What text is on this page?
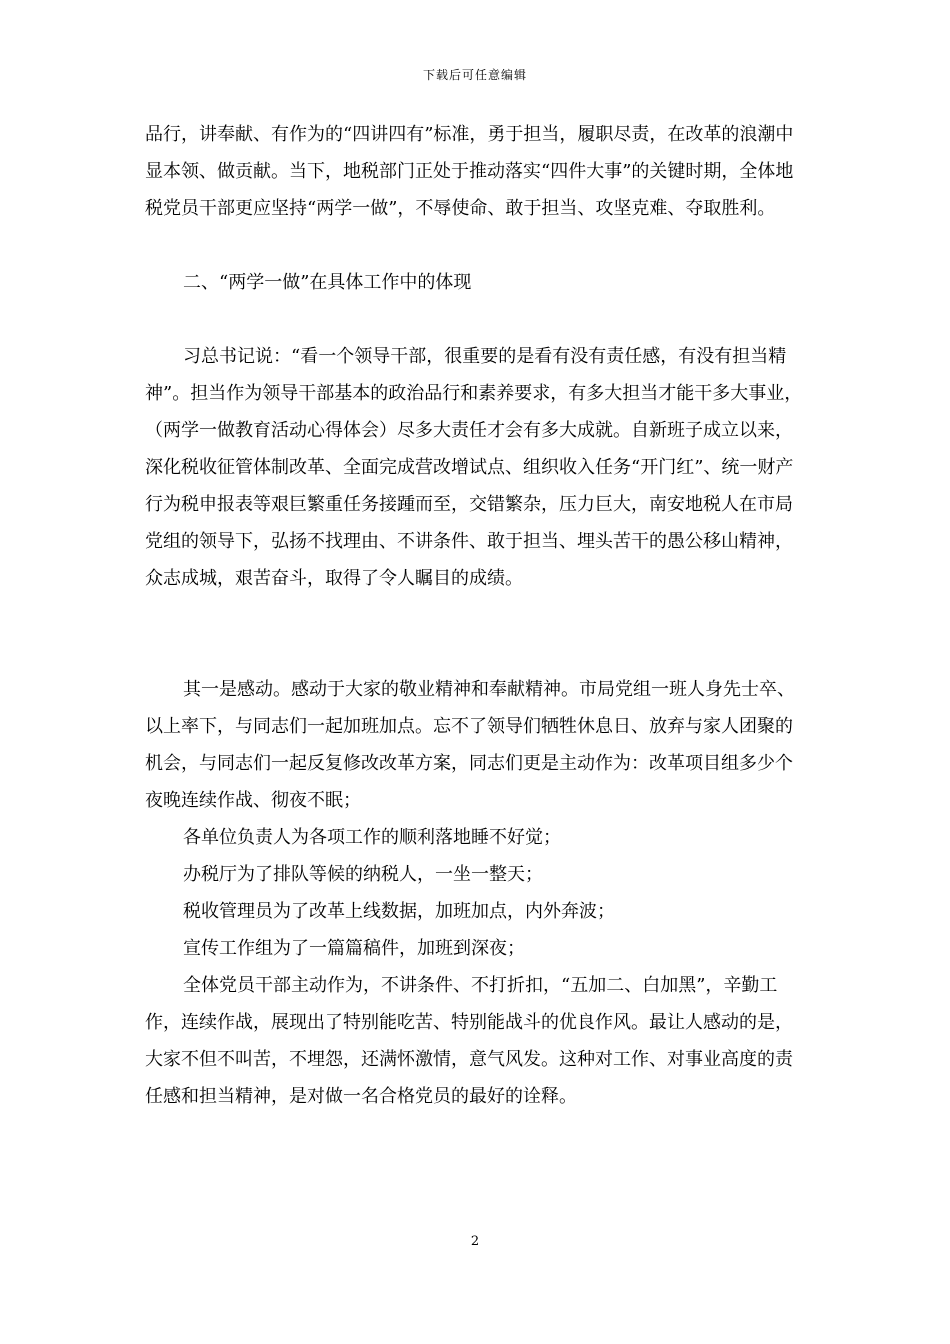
下载后可任意编辑

品行，讲奉献、有作为的“四讲四有”标准，勇于担当，履职尽责，在改革的浪潮中显本领、做贡献。当下，地税部门正处于推动落实“四件大事”的关键时期，全体地税党员干部更应坚持“两学一做”，不辱使命、敢于担当、攻坚克难、夺取胜利。

二、“两学一做”在具体工作中的体现

习总书记说：“看一个领导干部，很重要的是看有没有责任感，有没有担当精神”。担当作为领导干部基本的政治品行和素养要求，有多大担当才能干多大事业，（两学一做教育活动心得体会）尽多大责任才会有多大成就。自新班子成立以来，深化税收征管体制改革、全面完成营改增试点、组织收入任务“开门红”、统一财产行为税申报表等艰巨繁重任务接踵而至，交错繁杂，压力巨大，南安地税人在市局党组的领导下，弘扬不找理由、不讲条件、敢于担当、埋头苦干的愚公移山精神，众志成城，艰苦奋斗，取得了令人瞩目的成绩。

其一是感动。感动于大家的敬业精神和奉献精神。市局党组一班人身先士卒、以上率下，与同志们一起加班加点。忘不了领导们牺牲休息日、放弃与家人团聚的机会，与同志们一起反复修改改革方案，同志们更是主动作为：改革项目组多少个夜晚连续作战、彻夜不眠；

各单位负责人为各项工作的顺利落地睡不好觉；

办税厅为了排队等候的纳税人，一坐一整天；

税收管理员为了改革上线数据，加班加点，内外奔波；

宣传工作组为了一篇篇稿件，加班到深夜；

全体党员干部主动作为，不讲条件、不打折扣，“五加二、白加黑”，辛勤工作，连续作战，展现出了特别能吃苦、特别能战斗的优良作风。最让人感动的是，大家不但不叫苦，不埋怨，还满怀激情，意气风发。这种对工作、对事业高度的责任感和担当精神，是对做一名合格党员的最好的诠释。

2
